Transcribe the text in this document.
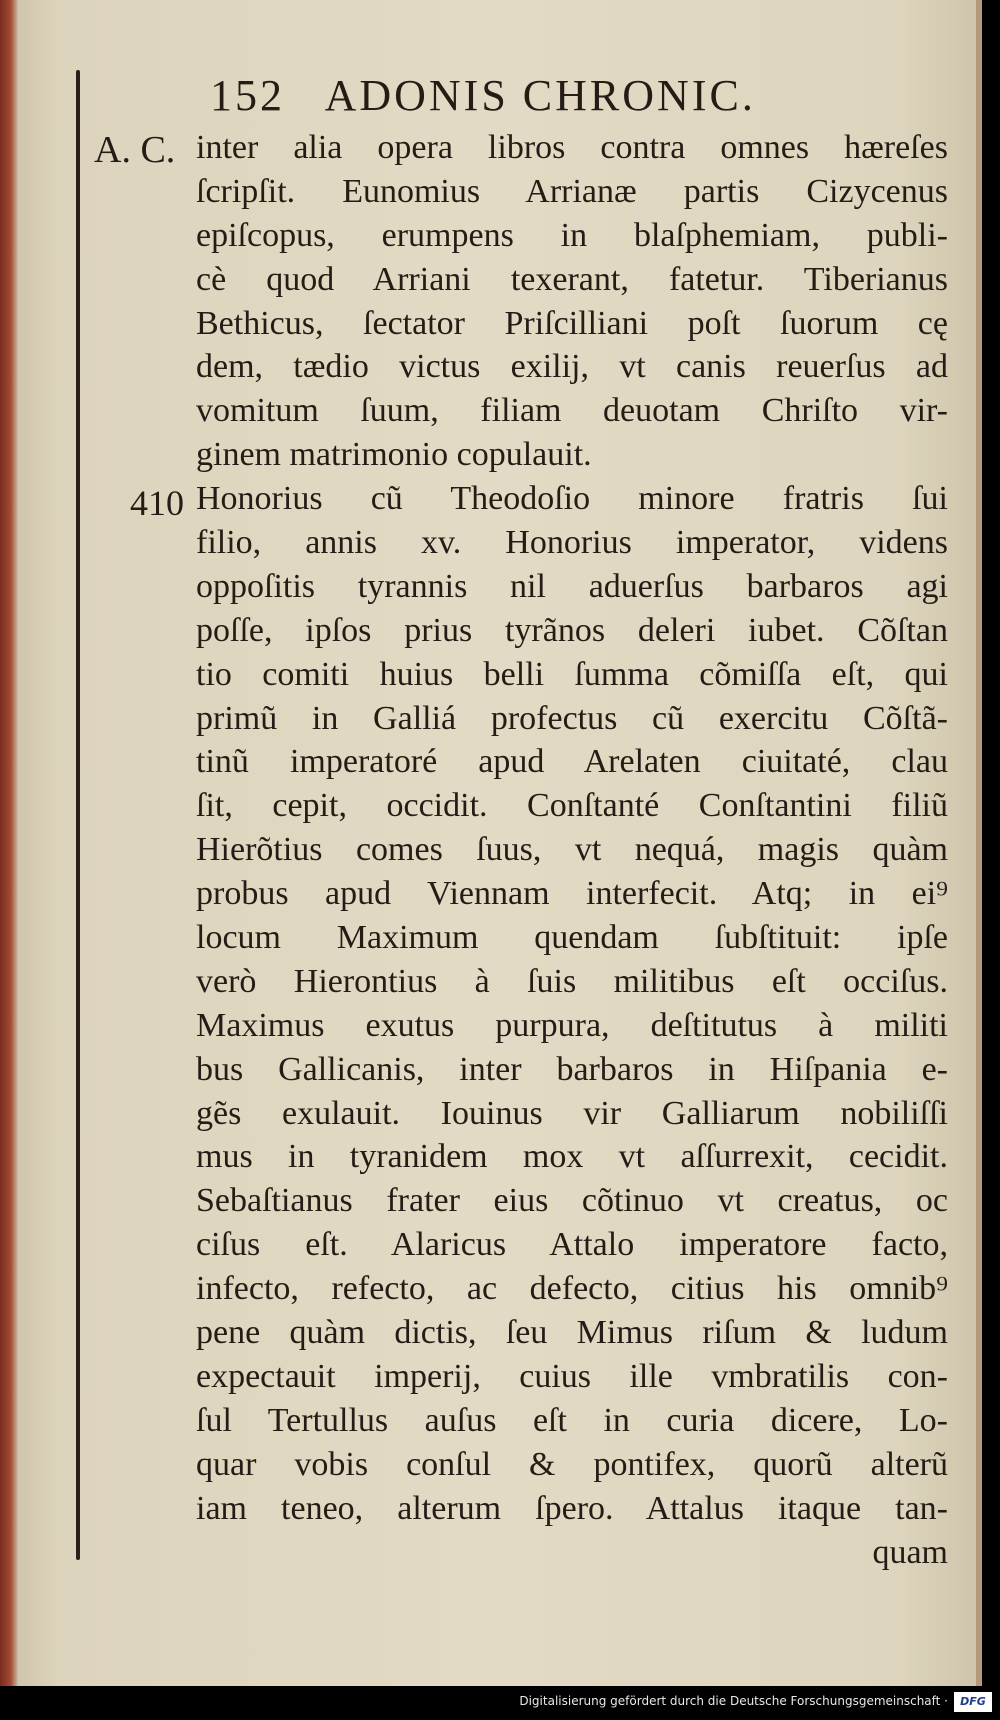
152 ADONIS CHRONIC.
A. C.
410
inter alia opera libros contra omnes hæreſes
ſcripſit. Eunomius Arrianæ partis Cizycenus
epiſcopus, erumpens in blaſphemiam, publi-
cè quod Arriani texerant, fatetur. Tiberianus
Bethicus, ſectator Priſcilliani poſt ſuorum cę
dem, tædio victus exilij, vt canis reuerſus ad
vomitum ſuum, filiam deuotam Chriſto vir-
ginem matrimonio copulauit.
Honorius cũ Theodoſio minore fratris ſui
filio, annis xv. Honorius imperator, videns
oppoſitis tyrannis nil aduerſus barbaros agi
poſſe, ipſos prius tyrãnos deleri iubet. Cõſtan
tio comiti huius belli ſumma cõmiſſa eſt, qui
primũ in Galliá profectus cũ exercitu Cõſtã-
tinũ imperatoré apud Arelaten ciuitaté, clau
ſit, cepit, occidit. Conſtanté Conſtantini filiũ
Hierõtius comes ſuus, vt nequá, magis quàm
probus apud Viennam interfecit. Atq; in ei⁹
locum Maximum quendam ſubſtituit: ipſe
verò Hierontius à ſuis militibus eſt occiſus.
Maximus exutus purpura, deſtitutus à militi
bus Gallicanis, inter barbaros in Hiſpania e-
gẽs exulauit. Iouinus vir Galliarum nobiliſſi
mus in tyranidem mox vt aſſurrexit, cecidit.
Sebaſtianus frater eius cõtinuo vt creatus, oc
ciſus eſt. Alaricus Attalo imperatore facto,
infecto, refecto, ac defecto, citius his omnib⁹
pene quàm dictis, ſeu Mimus riſum & ludum
expectauit imperij, cuius ille vmbratilis con-
ſul Tertullus auſus eſt in curia dicere, Lo-
quar vobis conſul & pontifex, quorũ alterũ
iam teneo, alterum ſpero. Attalus itaque tan-
quam
Digitalisierung gefördert durch die Deutsche Forschungsgemeinschaft ·	DFG
